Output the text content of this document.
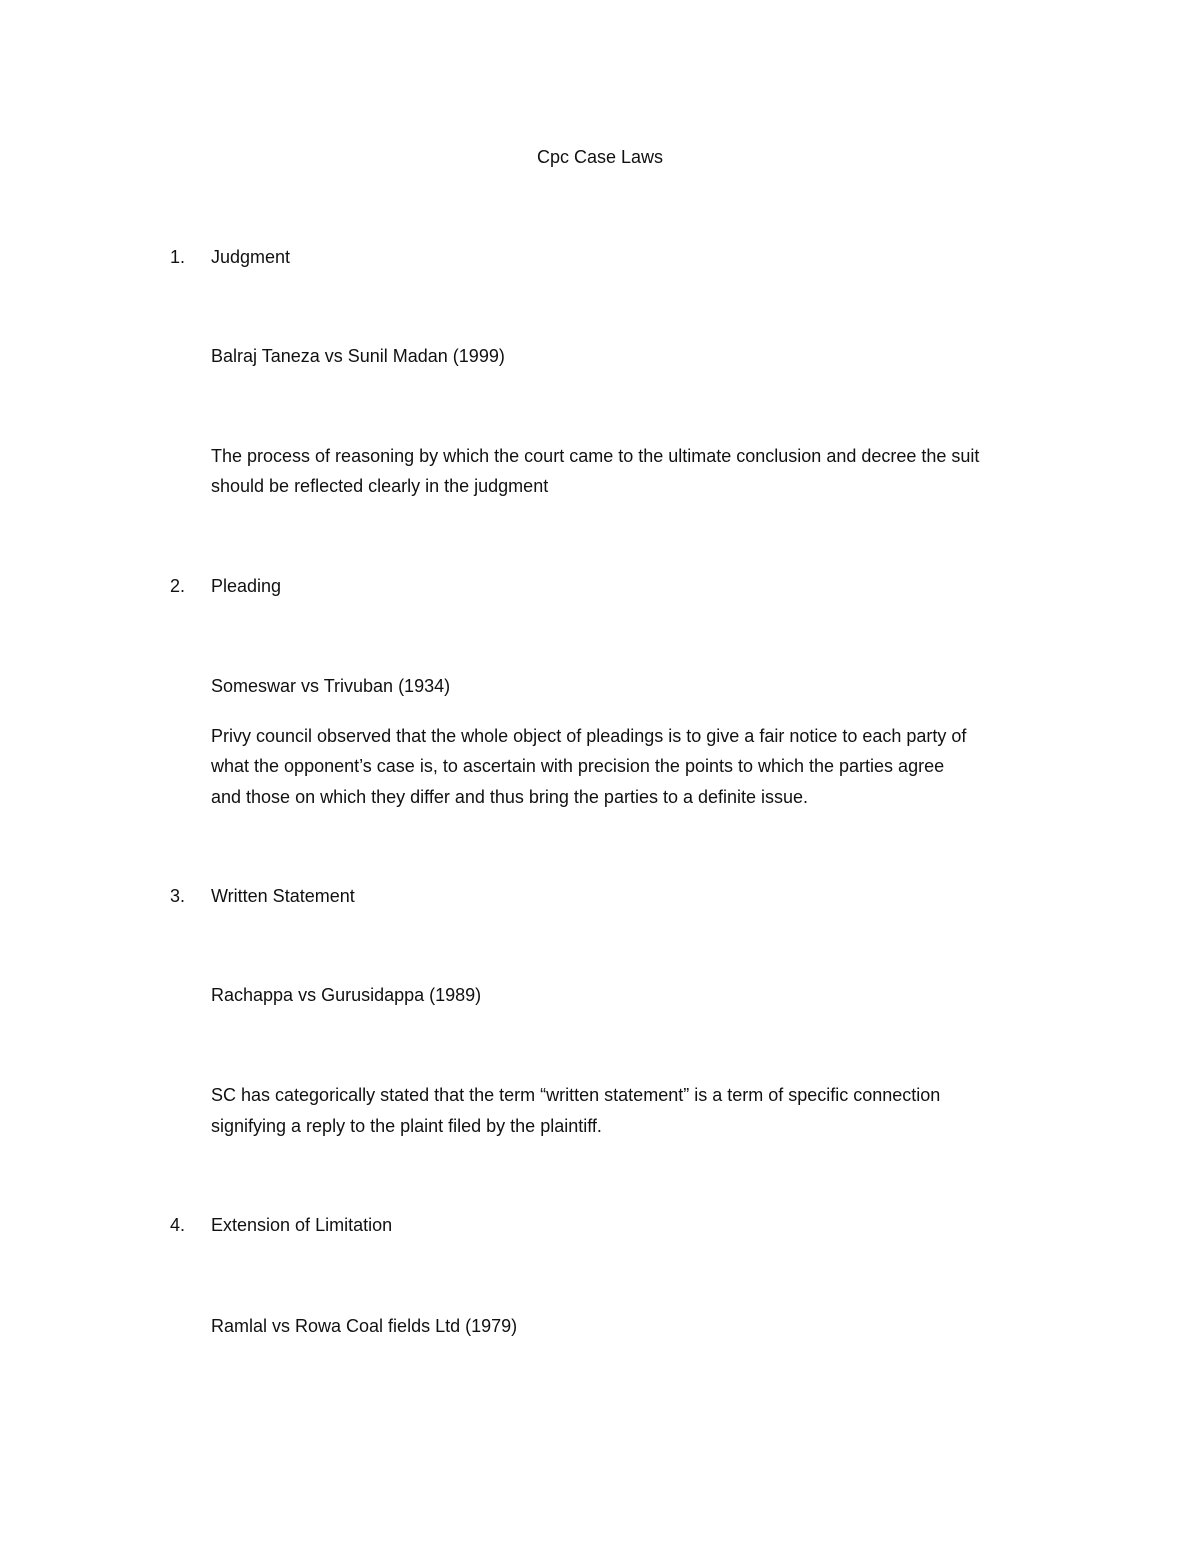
Cpc Case Laws
1. Judgment
Balraj Taneza vs Sunil Madan (1999)
The process of reasoning by which the court came to the ultimate conclusion and decree the suit
should be reflected clearly in the judgment
2. Pleading
Someswar vs Trivuban (1934)
Privy council observed that the whole object of pleadings is to give a fair notice to each party of
what the opponent’s case is, to ascertain with precision the points to which the parties agree
and those on which they differ and thus bring the parties to a definite issue.
3. Written Statement
Rachappa vs Gurusidappa (1989)
SC has categorically stated that the term “written statement” is a term of specific connection
signifying a reply to the plaint filed by the plaintiff.
4. Extension of Limitation
Ramlal vs Rowa Coal fields Ltd (1979)
